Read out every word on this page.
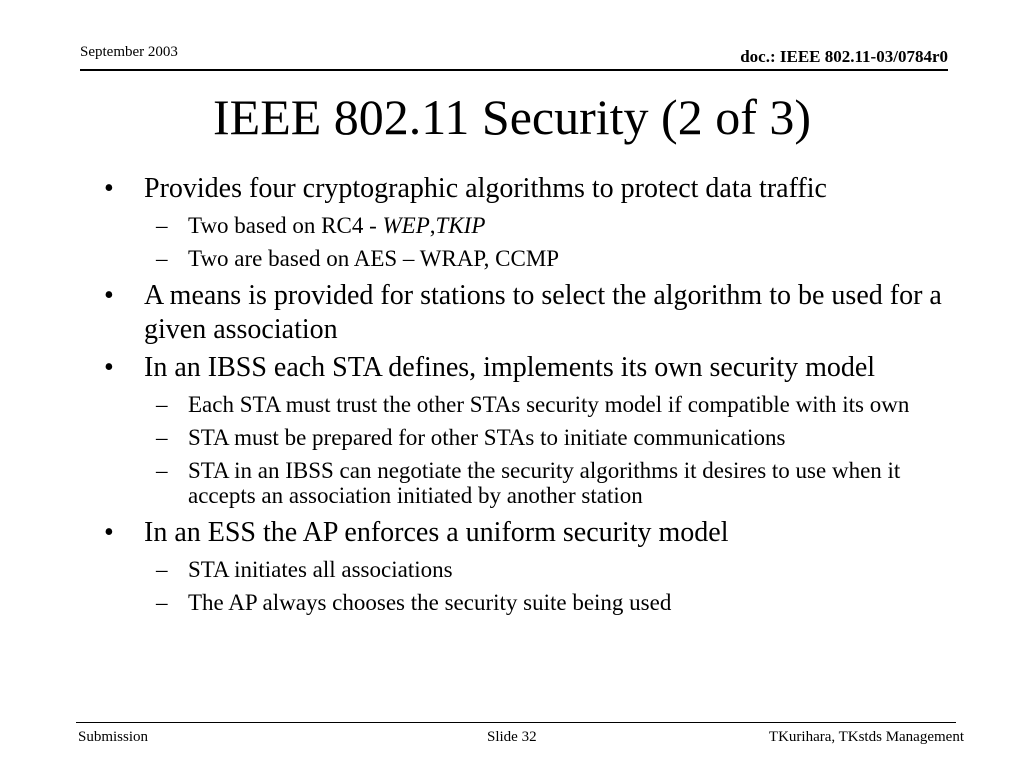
September 2003	doc.: IEEE 802.11-03/0784r0
IEEE 802.11 Security (2 of 3)
• Provides four cryptographic algorithms to protect data traffic
– Two based on RC4 - WEP,TKIP
– Two are based on AES – WRAP, CCMP
• A means is provided for stations to select the algorithm to be used for a given association
• In an IBSS each STA defines, implements its own security model
– Each STA must trust the other STAs security model if compatible with its own
– STA must be prepared for other STAs to initiate communications
– STA in an IBSS can negotiate the security algorithms it desires to use when it accepts an association initiated by another station
• In an ESS the AP enforces a uniform security model
– STA initiates all associations
– The AP always chooses the security suite being used
Submission	Slide 32	TKurihara, TKstds Management
